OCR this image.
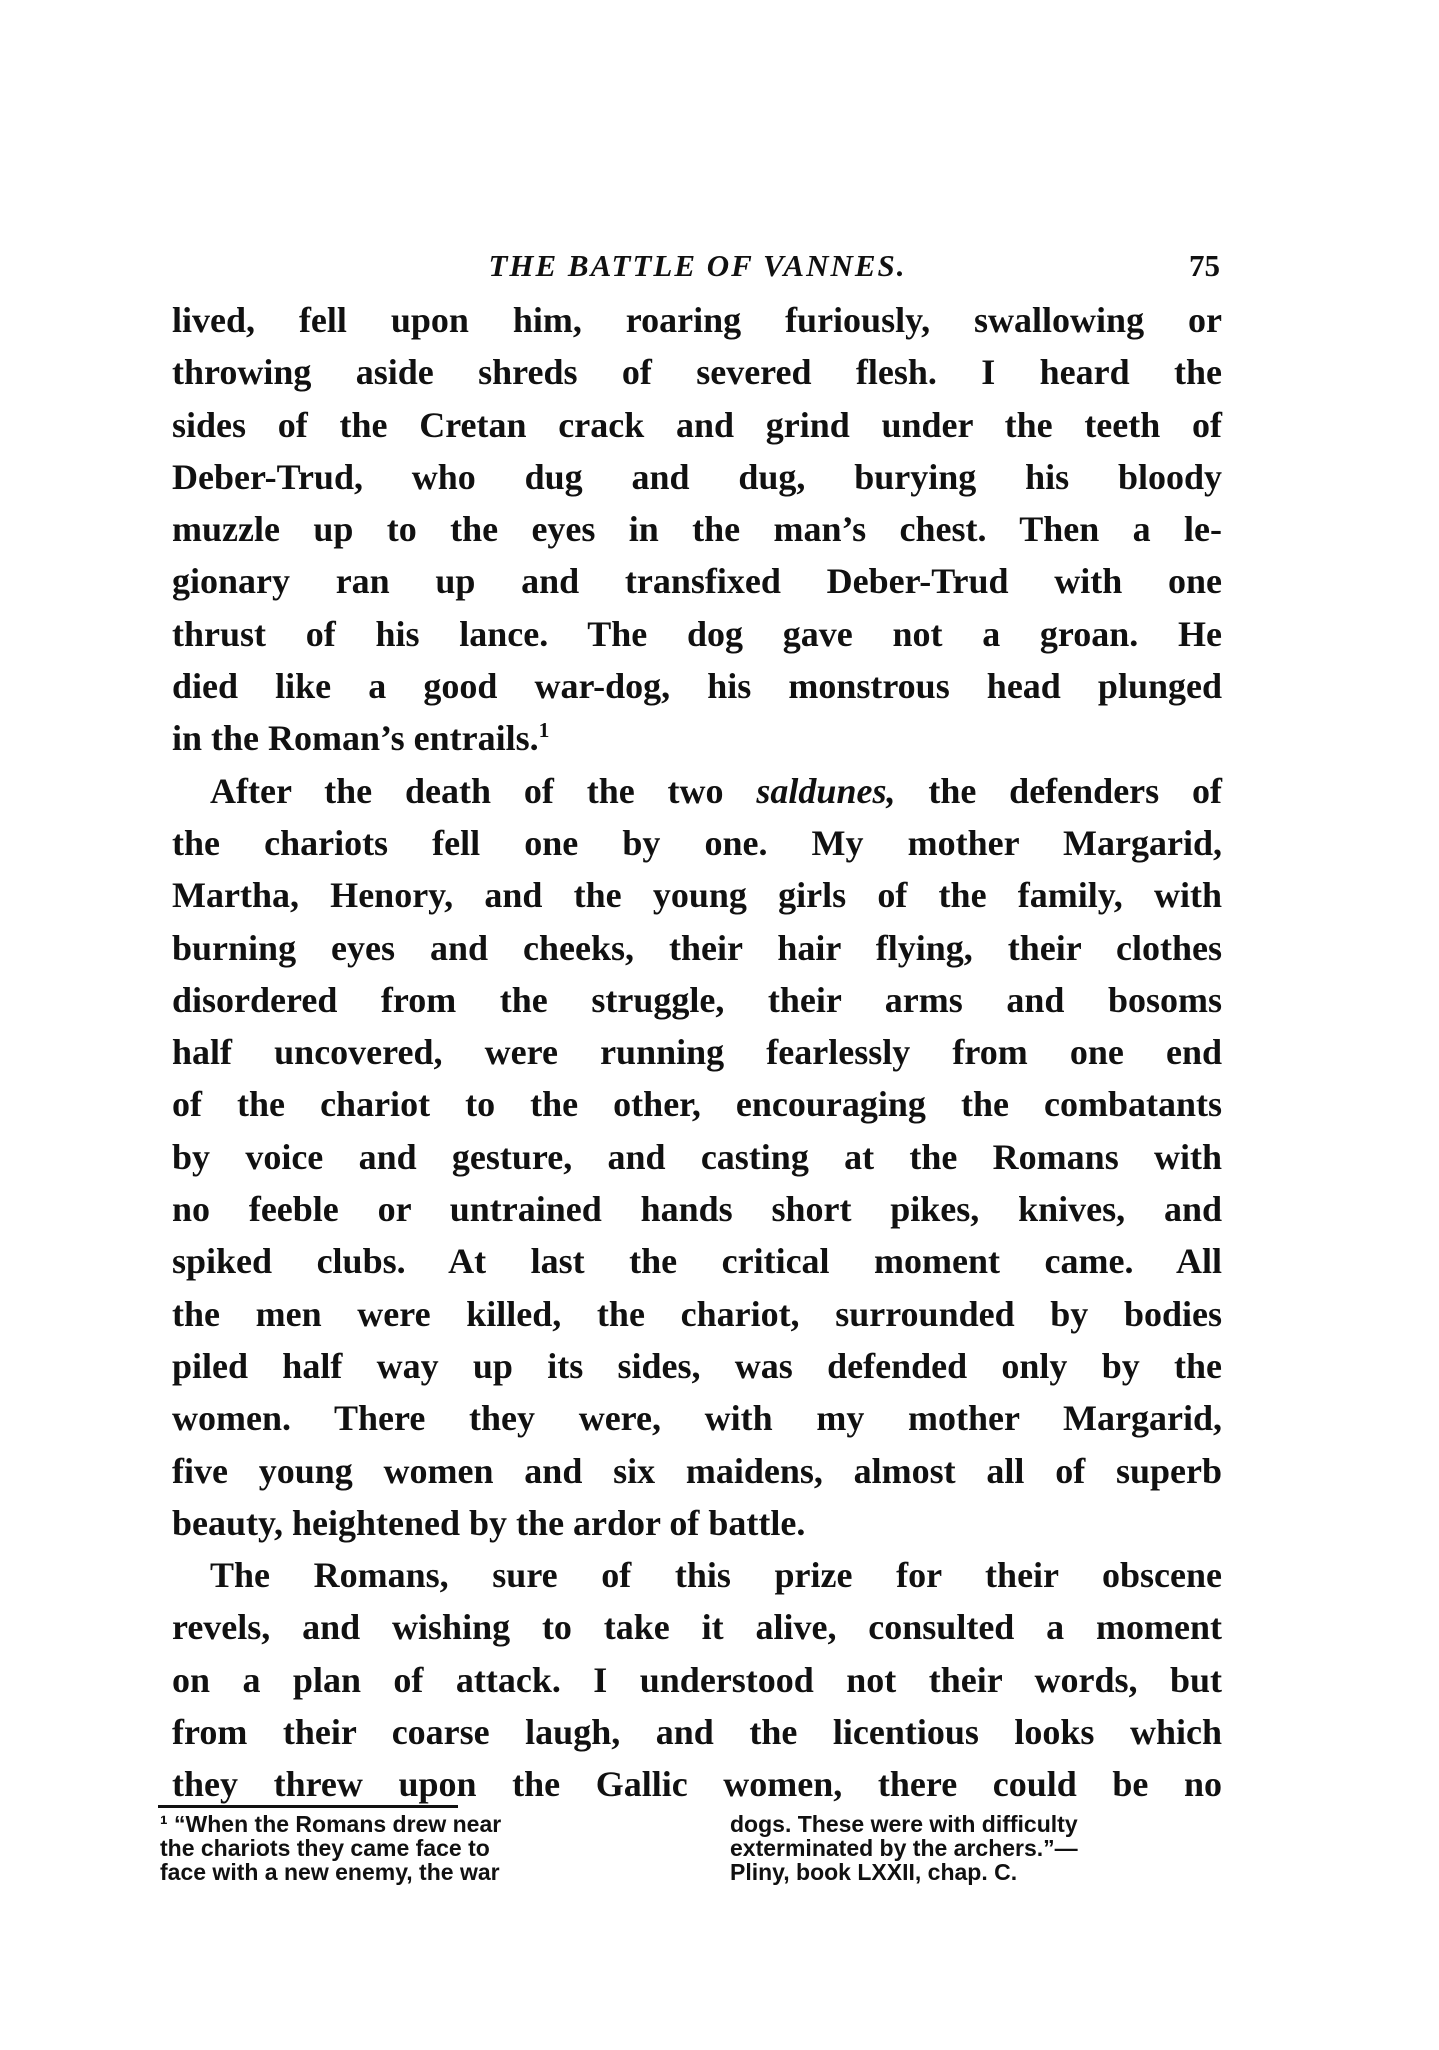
THE BATTLE OF VANNES.	75

lived, fell upon him, roaring furiously, swallowing or
throwing aside shreds of severed flesh. I heard the
sides of the Cretan crack and grind under the teeth of
Deber-Trud, who dug and dug, burying his bloody
muzzle up to the eyes in the man’s chest. Then a le-
gionary ran up and transfixed Deber-Trud with one
thrust of his lance. The dog gave not a groan. He
died like a good war-dog, his monstrous head plunged
in the Roman’s entrails.$^1$

After the death of the two saldunes, the defenders of
the chariots fell one by one. My mother Margarid,
Martha, Henory, and the young girls of the family, with
burning eyes and cheeks, their hair flying, their clothes
disordered from the struggle, their arms and bosoms
half uncovered, were running fearlessly from one end
of the chariot to the other, encouraging the combatants
by voice and gesture, and casting at the Romans with
no feeble or untrained hands short pikes, knives, and
spiked clubs. At last the critical moment came. All
the men were killed, the chariot, surrounded by bodies
piled half way up its sides, was defended only by the
women. There they were, with my mother Margarid,
five young women and six maidens, almost all of superb
beauty, heightened by the ardor of battle.

The Romans, sure of this prize for their obscene
revels, and wishing to take it alive, consulted a moment
on a plan of attack. I understood not their words, but
from their coarse laugh, and the licentious looks which
they threw upon the Gallic women, there could be no

¹ “When the Romans drew near
the chariots they came face to
face with a new enemy, the war
dogs. These were with difficulty
exterminated by the archers.”—
Pliny, book LXXII, chap. C.
